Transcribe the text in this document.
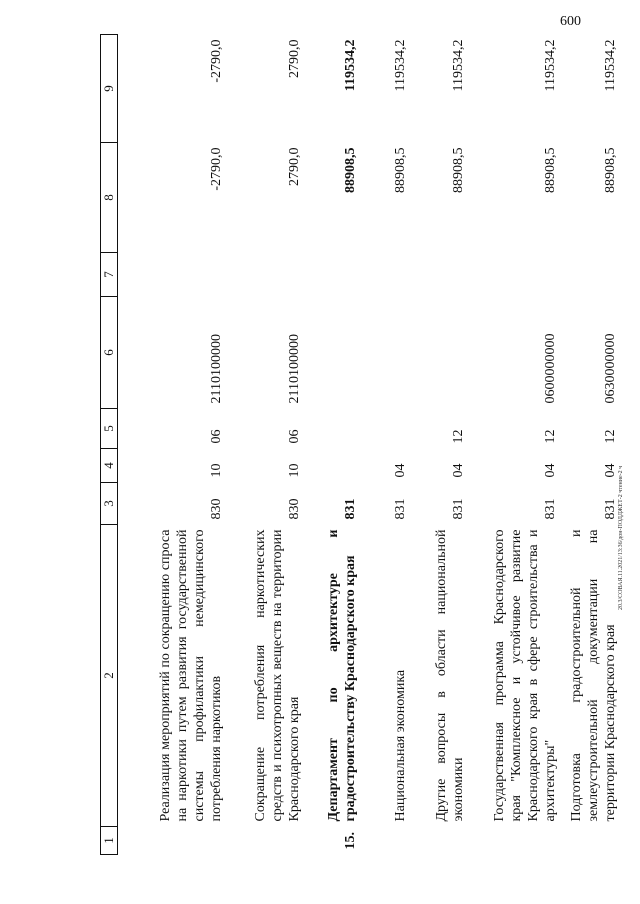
600
20.3/СОВАЯ.11.2021/13:36/дон-ПОДДЖЕТ-2 чтение-2 ч
1	2	3	4	5	6	7	8	9
	Реализация мероприятий по сокращению спроса на наркотики путем развития государственной системы профилактики немедицинского потребления наркотиков	830	10	06	2110100000		-2790,0	-2790,0
	Сокращение потребления наркотических средств и психотропных веществ на территории Краснодарского края	830	10	06	2110100000		2790,0	2790,0
15.	Департамент по архитектуре и градостроительству Краснодарского края	831					88908,5	119534,2
	Национальная экономика	831	04				88908,5	119534,2
	Другие вопросы в области национальной экономики	831	04	12			88908,5	119534,2
	Государственная программа Краснодарского края "Комплексное и устойчивое развитие Краснодарского края в сфере строительства и архитектуры"	831	04	12	0600000000		88908,5	119534,2
	Подготовка градостроительной и землеустроительной документации на территории Краснодарского края	831	04	12	0630000000		88908,5	119534,2
